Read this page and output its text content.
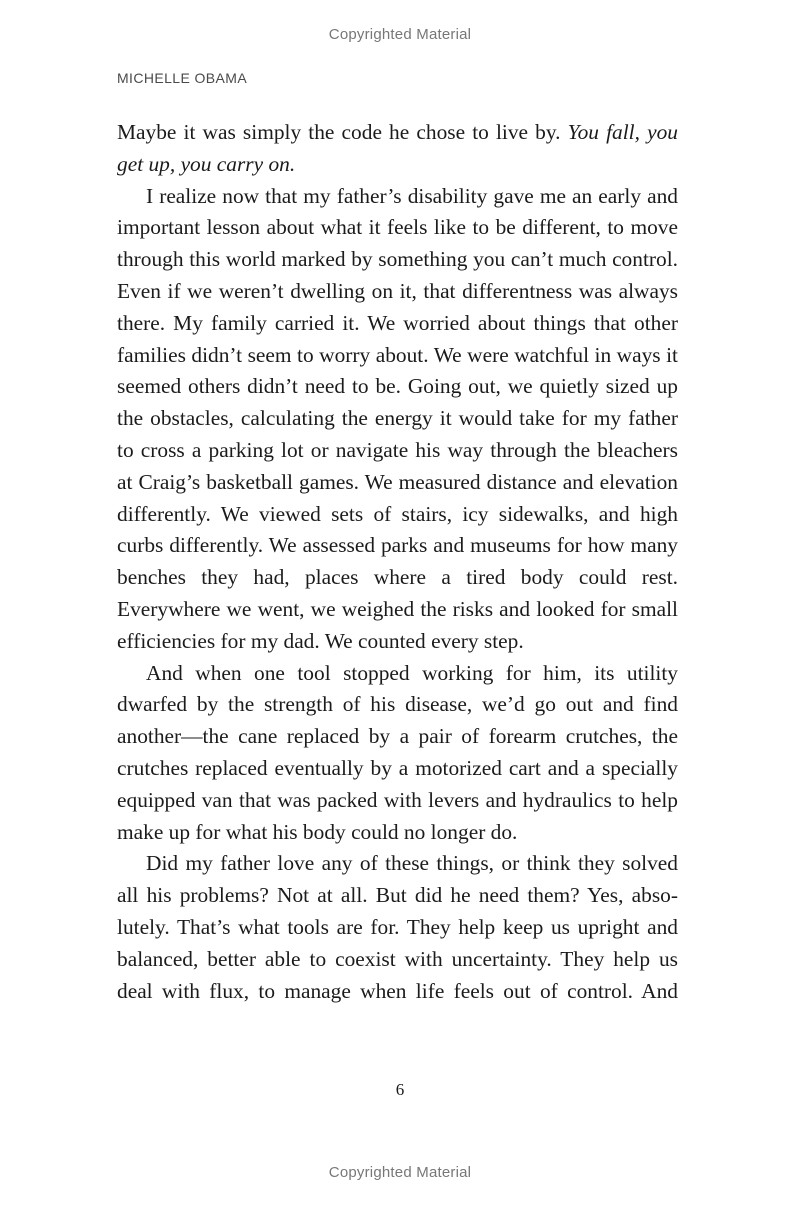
Copyrighted Material
MICHELLE OBAMA

Maybe it was simply the code he chose to live by. You fall, you get up, you carry on.

I realize now that my father’s disability gave me an early and important lesson about what it feels like to be different, to move through this world marked by something you can’t much control. Even if we weren’t dwelling on it, that differentness was always there. My family carried it. We worried about things that other families didn’t seem to worry about. We were watchful in ways it seemed others didn’t need to be. Going out, we quietly sized up the obstacles, calculating the energy it would take for my father to cross a parking lot or navigate his way through the bleachers at Craig’s basketball games. We measured distance and elevation differently. We viewed sets of stairs, icy sidewalks, and high curbs differently. We assessed parks and museums for how many benches they had, places where a tired body could rest. Everywhere we went, we weighed the risks and looked for small efficiencies for my dad. We counted every step.

And when one tool stopped working for him, its utility dwarfed by the strength of his disease, we’d go out and find another—the cane replaced by a pair of forearm crutches, the crutches replaced eventually by a motorized cart and a specially equipped van that was packed with levers and hydraulics to help make up for what his body could no longer do.

Did my father love any of these things, or think they solved all his problems? Not at all. But did he need them? Yes, absolutely. That’s what tools are for. They help keep us upright and balanced, better able to coexist with uncertainty. They help us deal with flux, to manage when life feels out of control. And

6
Copyrighted Material
